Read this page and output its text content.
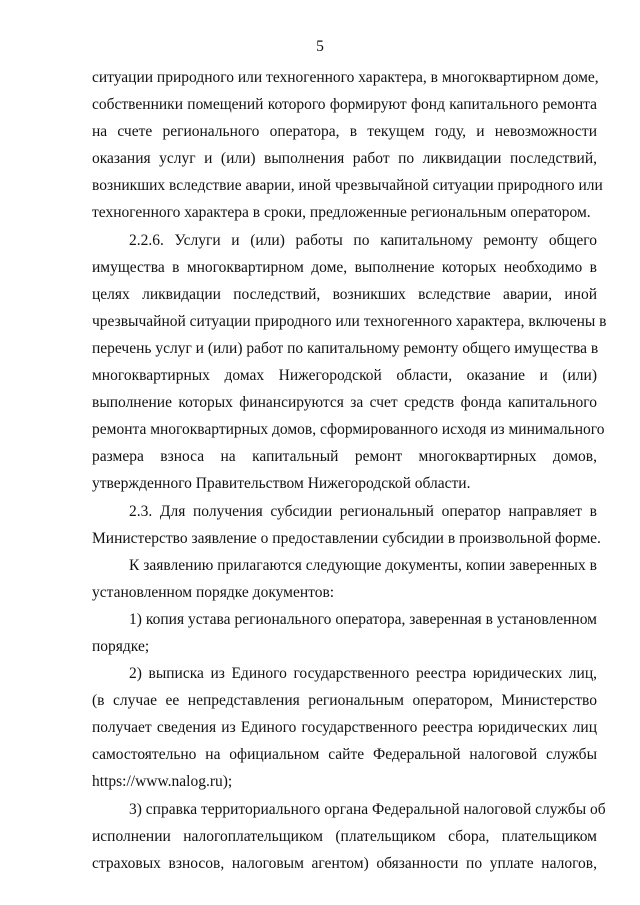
5
ситуации природного или техногенного характера, в многоквартирном доме,
собственники помещений которого формируют фонд капитального ремонта
на счете регионального оператора, в текущем году, и невозможности
оказания услуг и (или) выполнения работ по ликвидации последствий,
возникших вследствие аварии, иной чрезвычайной ситуации природного или
техногенного характера в сроки, предложенные региональным оператором.
2.2.6. Услуги и (или) работы по капитальному ремонту общего
имущества в многоквартирном доме, выполнение которых необходимо в
целях ликвидации последствий, возникших вследствие аварии, иной
чрезвычайной ситуации природного или техногенного характера, включены в
перечень услуг и (или) работ по капитальному ремонту общего имущества в
многоквартирных домах Нижегородской области, оказание и (или)
выполнение которых финансируются за счет средств фонда капитального
ремонта многоквартирных домов, сформированного исходя из минимального
размера взноса на капитальный ремонт многоквартирных домов,
утвержденного Правительством Нижегородской области.
2.3. Для получения субсидии региональный оператор направляет в
Министерство заявление о предоставлении субсидии в произвольной форме.
К заявлению прилагаются следующие документы, копии заверенных в
установленном порядке документов:
1) копия устава регионального оператора, заверенная в установленном
порядке;
2) выписка из Единого государственного реестра юридических лиц,
(в случае ее непредставления региональным оператором, Министерство
получает сведения из Единого государственного реестра юридических лиц
самостоятельно на официальном сайте Федеральной налоговой службы
https://www.nalog.ru);
3) справка территориального органа Федеральной налоговой службы об
исполнении налогоплательщиком (плательщиком сбора, плательщиком
страховых взносов, налоговым агентом) обязанности по уплате налогов,
